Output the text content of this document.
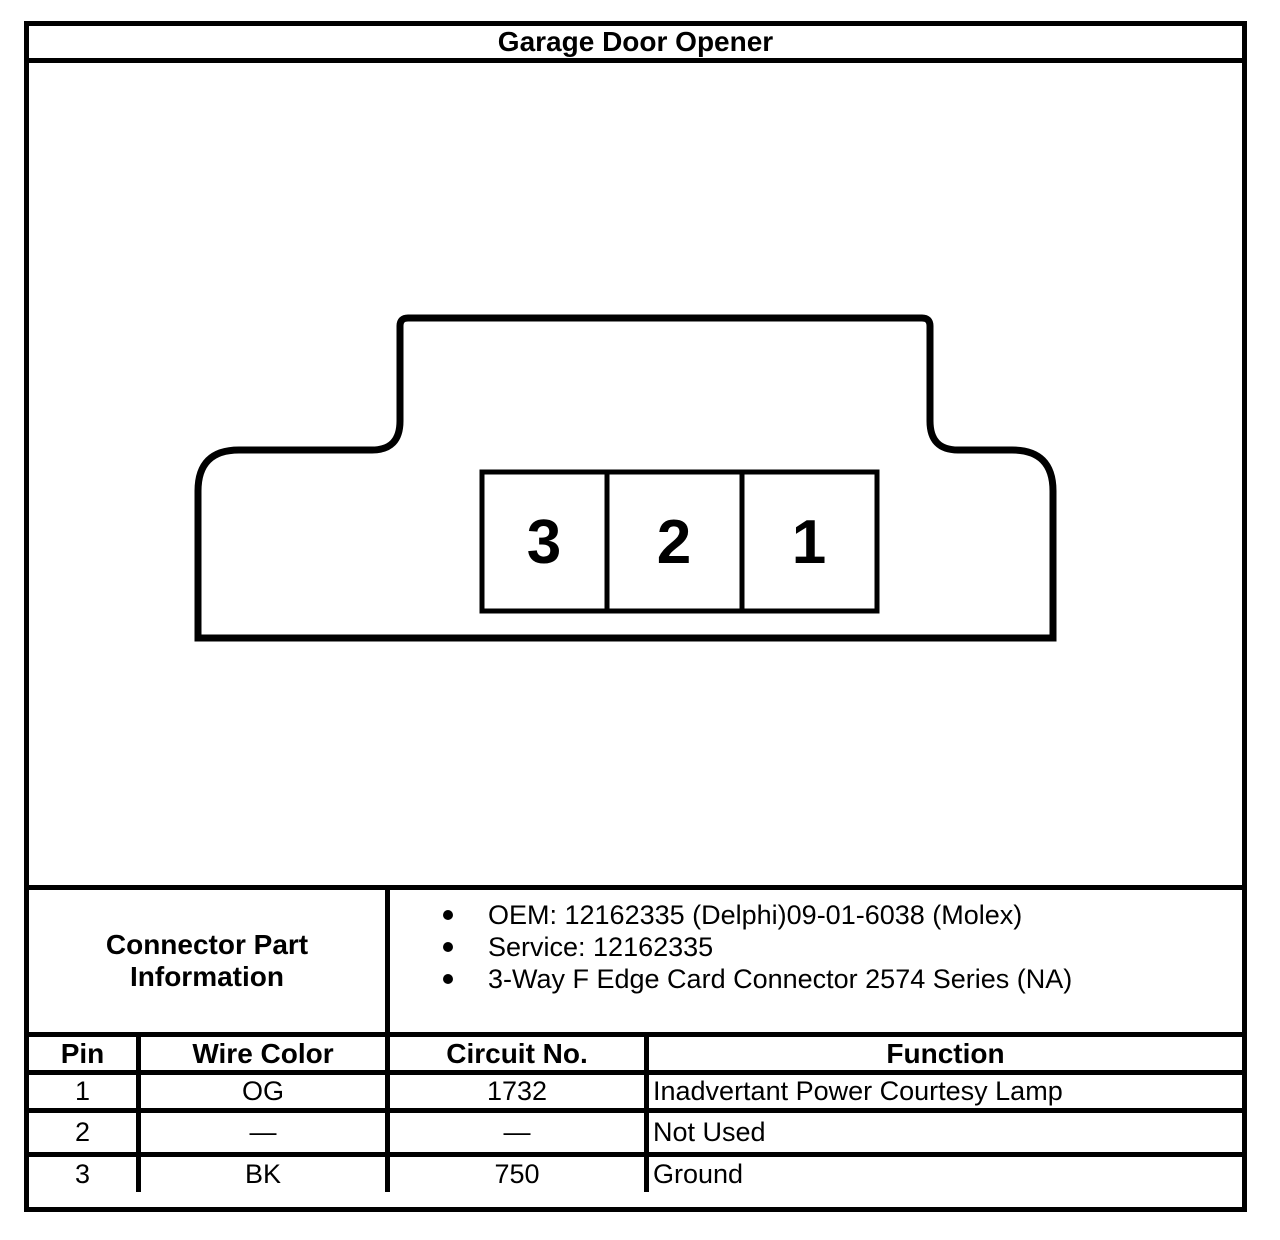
Garage Door Opener
3 2 1
Connector Part Information
OEM: 12162335 (Delphi)09-01-6038 (Molex)
Service: 12162335
3-Way F Edge Card Connector 2574 Series (NA)
Pin	Wire Color	Circuit No.	Function
1	OG	1732	Inadvertant Power Courtesy Lamp
2	—	—	Not Used
3	BK	750	Ground
